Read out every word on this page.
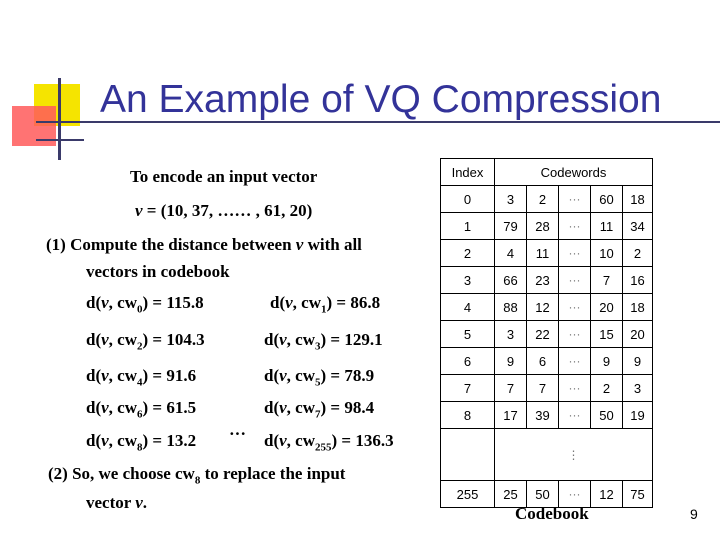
An Example of VQ Compression
To encode an input vector
v = (10, 37, …… , 61, 20)
(1) Compute the distance between v with all
vectors in codebook
d(v, $cw_0) = 115.8$	d(v, $cw_1) = 86.8$
d(v, $cw_2) = 104.3$	d(v, $cw_3) = 129.1$
d(v, $cw_4) = 91.6$	d(v, $cw_5) = 78.9$
d(v, $cw_6) = 61.5$	d(v, $cw_7) = 98.4$
d(v, $cw_8) = 13.2$ ··· d(v, $cw_{255}) = 136.3$
(2) So, we choose $cw_8$ to replace the input
vector v.
Index	Codewords				
0	3	2	···	60	18
1	79	28	···	11	34
2	4	11	···	10	2
3	66	23	···	7	16
4	88	12	···	20	18
5	3	22	···	15	20
6	9	6	···	9	9
7	7	7	···	2	3
8	17	39	···	50	19
	⋮				
255	25	50	···	12	75
Codebook	9
